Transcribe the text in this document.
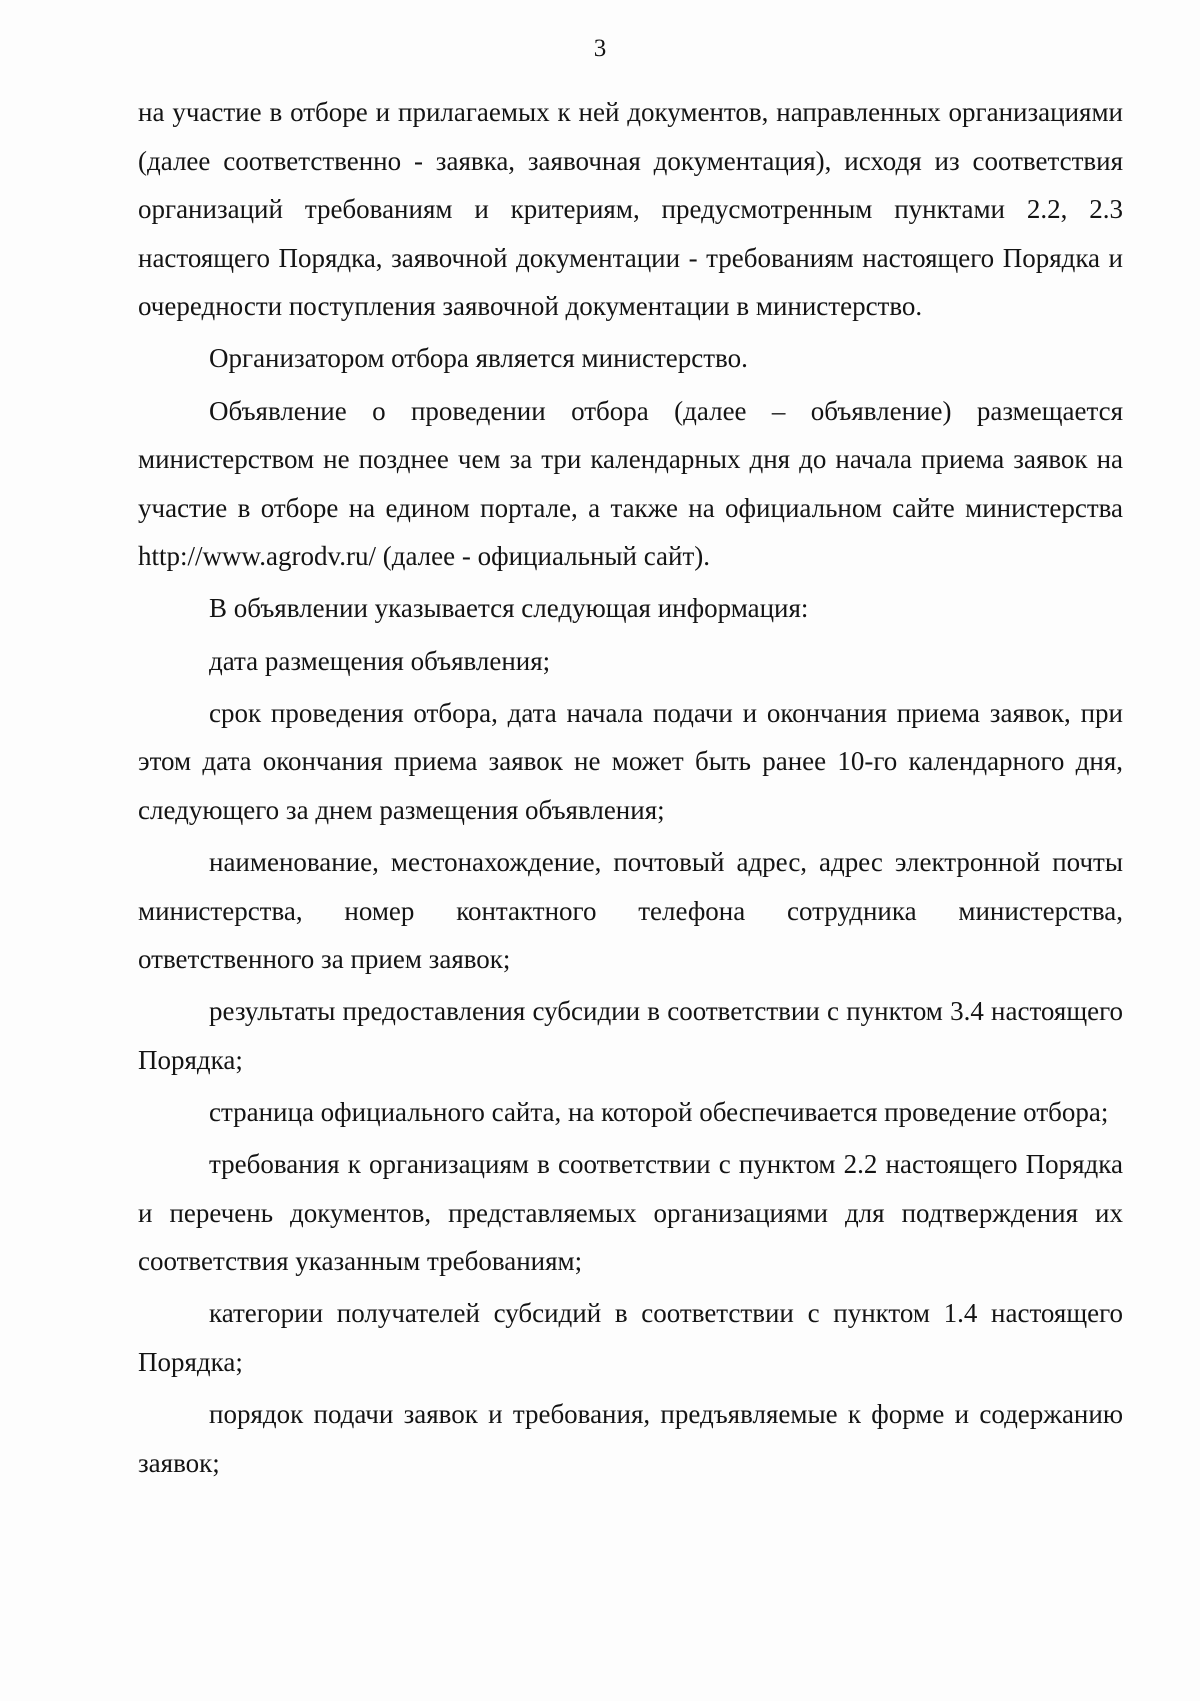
3

на участие в отборе и прилагаемых к ней документов, направленных организациями (далее соответственно - заявка, заявочная документация), исходя из соответствия организаций требованиям и критериям, предусмотренным пунктами 2.2, 2.3 настоящего Порядка, заявочной документации - требованиям настоящего Порядка и очередности поступления заявочной документации в министерство.

Организатором отбора является министерство.

Объявление о проведении отбора (далее – объявление) размещается министерством не позднее чем за три календарных дня до начала приема заявок на участие в отборе на едином портале, а также на официальном сайте министерства http://www.agrodv.ru/ (далее - официальный сайт).

В объявлении указывается следующая информация:

дата размещения объявления;

срок проведения отбора, дата начала подачи и окончания приема заявок, при этом дата окончания приема заявок не может быть ранее 10-го календарного дня, следующего за днем размещения объявления;

наименование, местонахождение, почтовый адрес, адрес электронной почты министерства, номер контактного телефона сотрудника министерства, ответственного за прием заявок;

результаты предоставления субсидии в соответствии с пунктом 3.4 настоящего Порядка;

страница официального сайта, на которой обеспечивается проведение отбора;

требования к организациям в соответствии с пунктом 2.2 настоящего Порядка и перечень документов, представляемых организациями для подтверждения их соответствия указанным требованиям;

категории получателей субсидий в соответствии с пунктом 1.4 настоящего Порядка;

порядок подачи заявок и требования, предъявляемые к форме и содержанию заявок;
